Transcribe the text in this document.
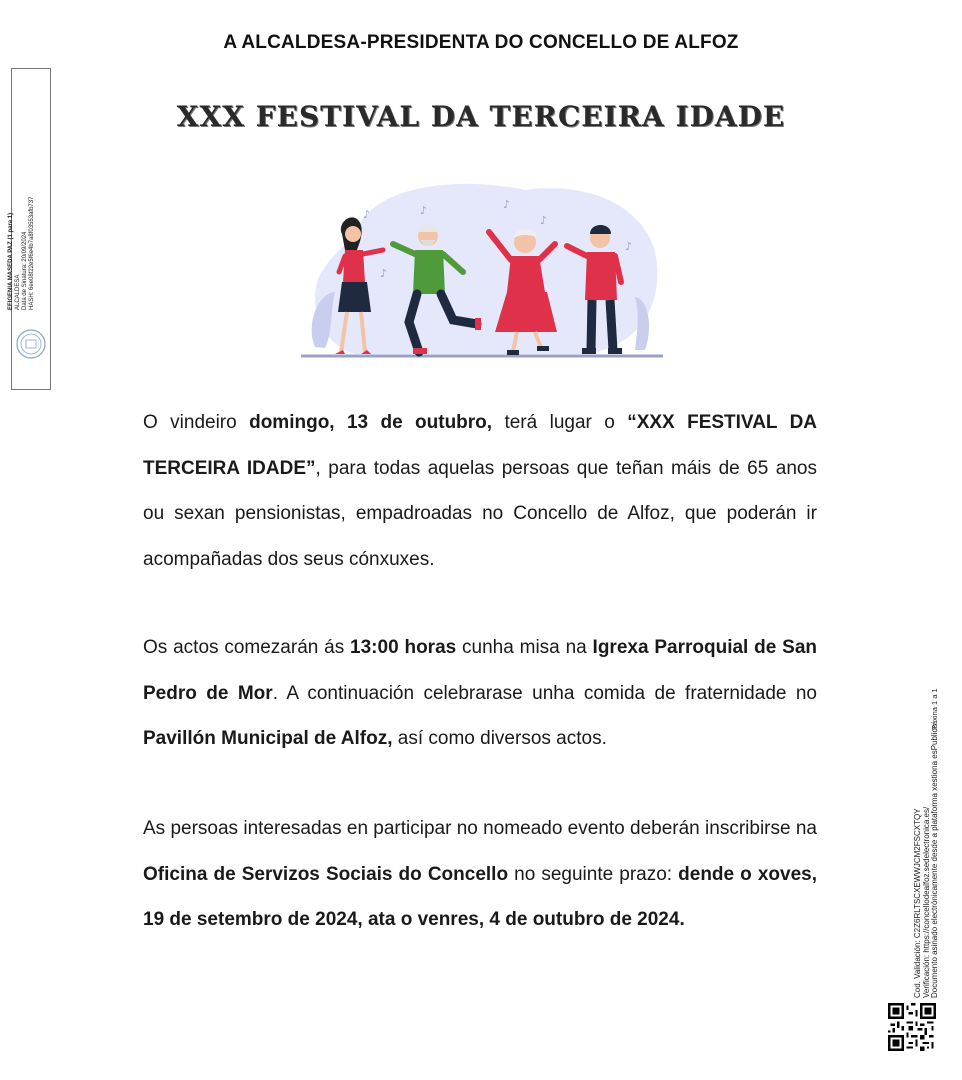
A ALCALDESA-PRESIDENTA DO CONCELLO DE ALFOZ
XXX FESTIVAL DA TERCEIRA IDADE
♪	♪	♪
♪
♪
♪
O vindeiro domingo, 13 de outubro, terá lugar o “XXX FESTIVAL DA TERCEIRA IDADE”, para todas aquelas persoas que teñan máis de 65 anos ou sexan pensionistas, empadroadas no Concello de Alfoz, que poderán ir acompañadas dos seus cónxuxes.
Os actos comezarán ás 13:00 horas cunha misa na Igrexa Parroquial de San Pedro de Mor. A continuación celebrarase unha comida de fraternidade no Pavillón Municipal de Alfoz, así como diversos actos.
As persoas interesadas en participar no nomeado evento deberán inscribirse na Oficina de Servizos Sociais do Concello no seguinte prazo: dende o xoves, 19 de setembro de 2024, ata o venres, 4 de outubro de 2024.
EFIGENIA MASEDA PAZ (1 para 1) ALCALDESA Data de Sinatura: 20/09/2024 HASH: 6ee08f22e5f6e4b7a8f03553afb737
Cod. Validación: C2Z6RLTSCXEWWJCM2FSCXTQY Verificación: https://concellodealfoz.sedelectronica.es/ Documento asinado electrónicamente desde a plataforma xestiona esPublico
Páxina 1 a 1
